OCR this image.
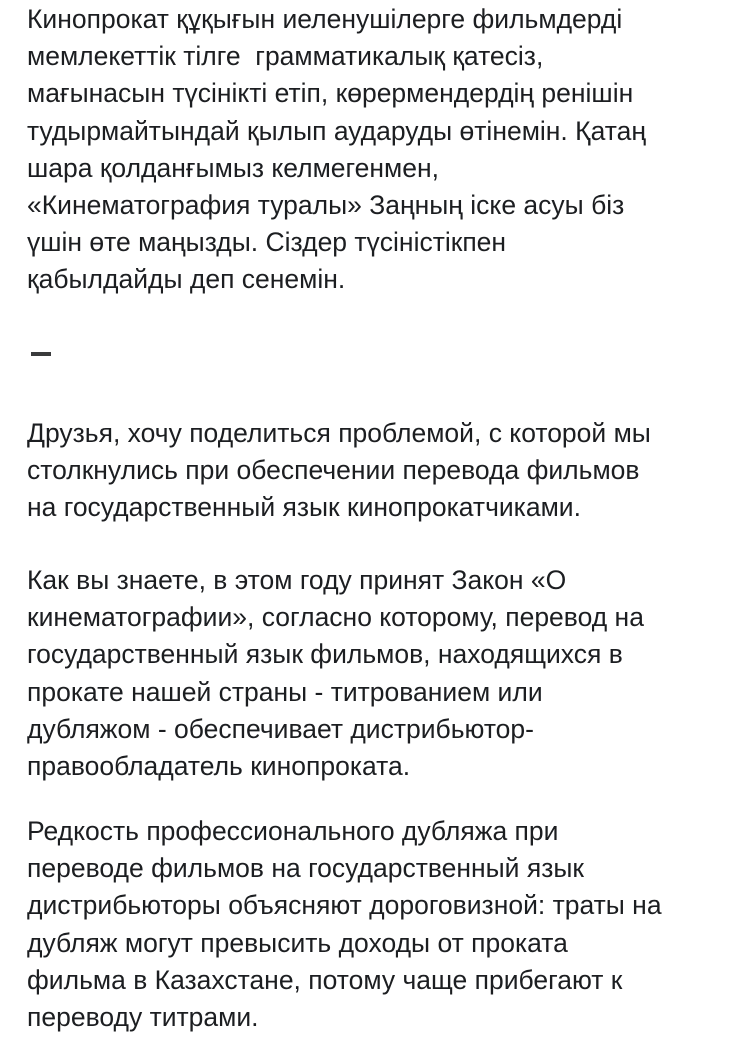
Кинопрокат құқығын иеленушілерге фильмдерді
мемлекеттік тілге  грамматикалық қатесіз,
мағынасын түсінікті етіп, көрермендердің ренішін
тудырмайтындай қылып аударуды өтінемін. Қатаң
шара қолданғымыз келмегенмен,
«Кинематография туралы» Заңның іске асуы біз
үшін өте маңызды. Сіздер түсіністікпен
қабылдайды деп сенемін.
Друзья, хочу поделиться проблемой, с которой мы
столкнулись при обеспечении перевода фильмов
на государственный язык кинопрокатчиками.
Как вы знаете, в этом году принят Закон «О
кинематографии», согласно которому, перевод на
государственный язык фильмов, находящихся в
прокате нашей страны - титрованием или
дубляжом - обеспечивает дистрибьютор-
правообладатель кинопроката.
Редкость профессионального дубляжа при
переводе фильмов на государственный язык
дистрибьюторы объясняют дороговизной: траты на
дубляж могут превысить доходы от проката
фильма в Казахстане, потому чаще прибегают к
переводу титрами.
